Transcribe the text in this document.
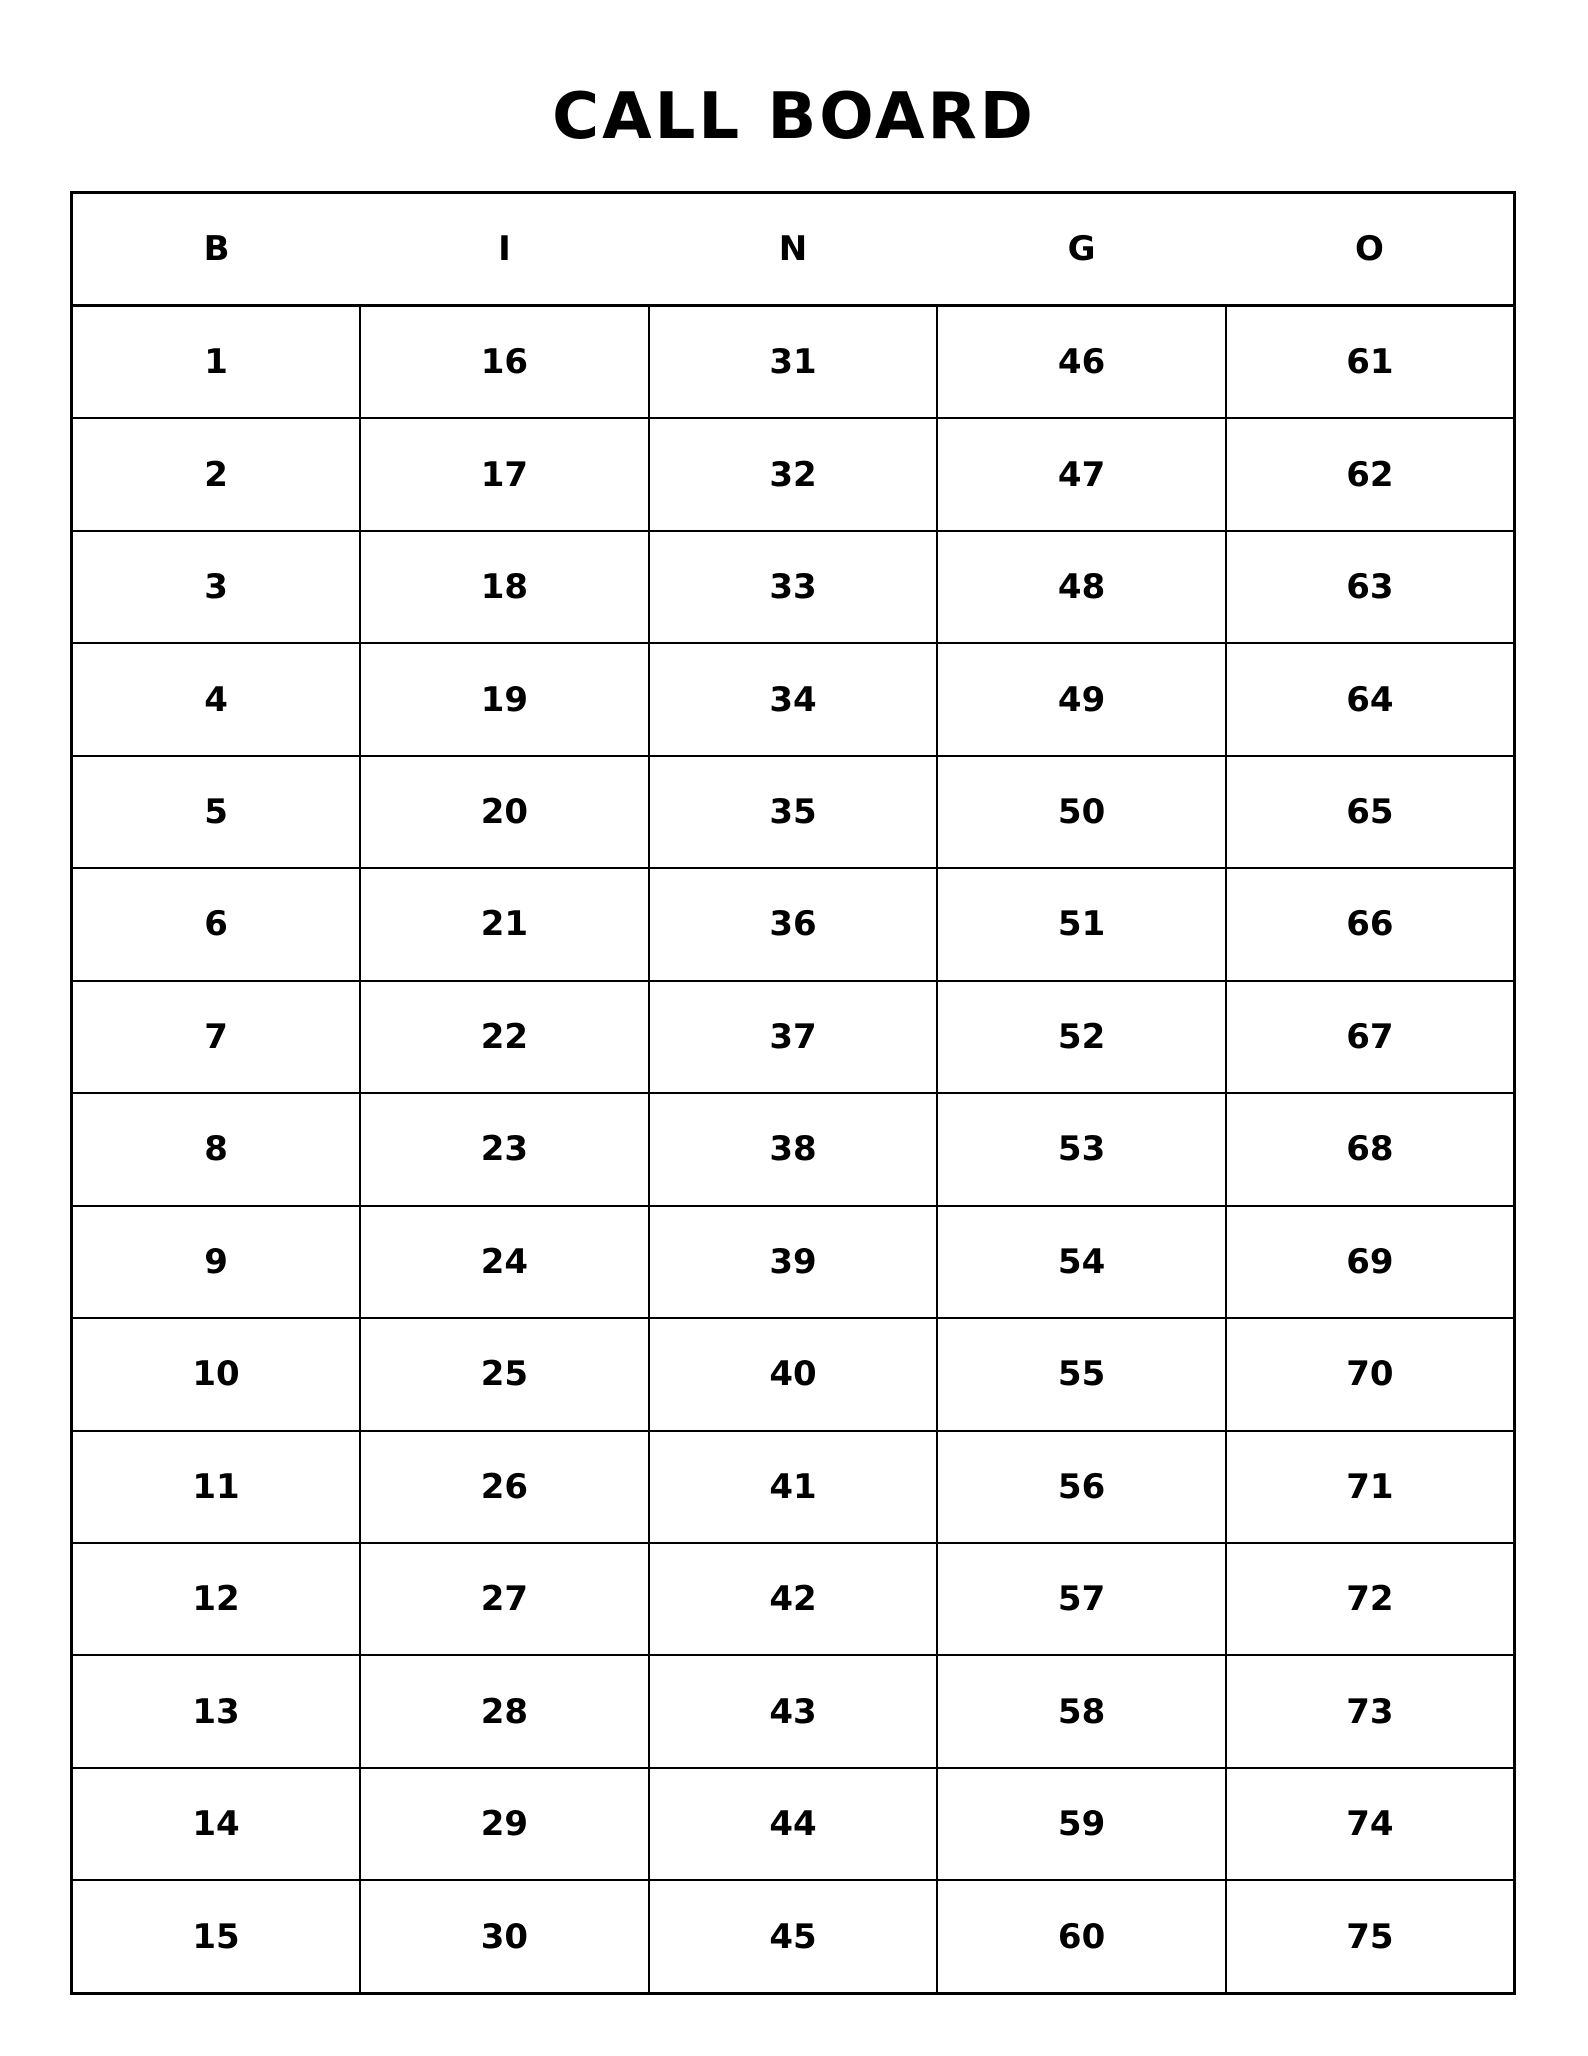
CALL BOARD
B	I	N	G	O
1	16	31	46	61
2	17	32	47	62
3	18	33	48	63
4	19	34	49	64
5	20	35	50	65
6	21	36	51	66
7	22	37	52	67
8	23	38	53	68
9	24	39	54	69
10	25	40	55	70
11	26	41	56	71
12	27	42	57	72
13	28	43	58	73
14	29	44	59	74
15	30	45	60	75
